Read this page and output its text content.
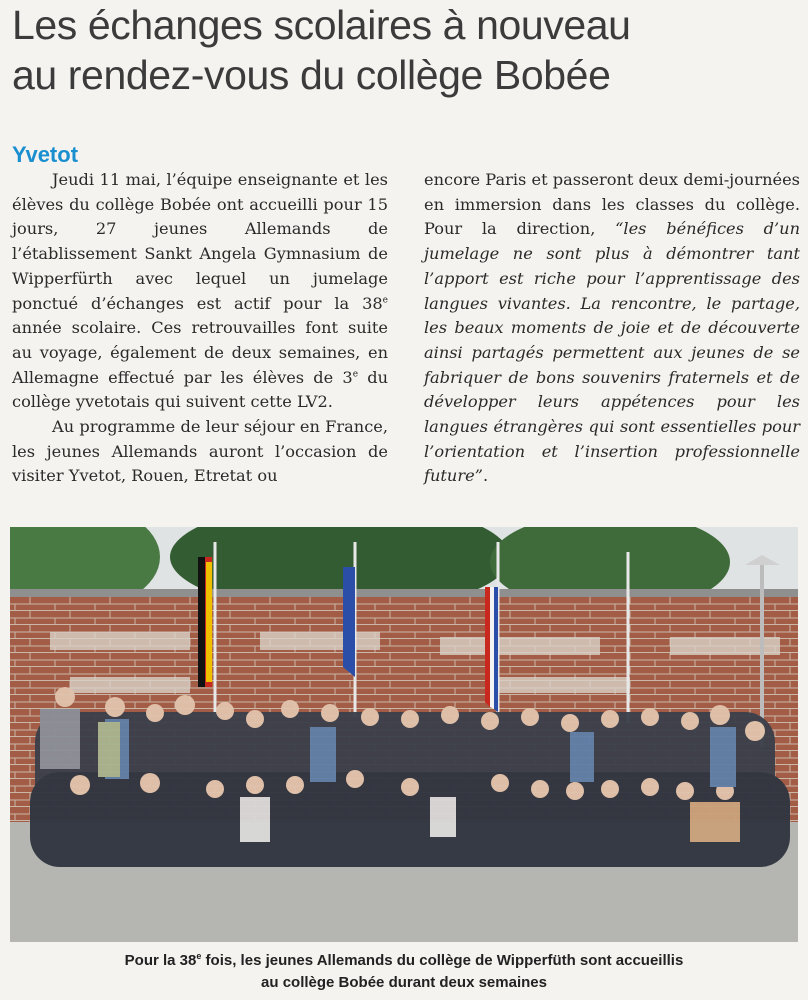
Les échanges scolaires à nouveau
au rendez-vous du collège Bobée
Yvetot

Jeudi 11 mai, l’équipe enseignante et les élèves du collège Bobée ont accueilli pour 15 jours, 27 jeunes Allemands de l’établissement Sankt Angela Gymnasium de Wipperfürth avec lequel un jumelage ponctué d’échanges est actif pour la 38e année scolaire. Ces retrouvailles font suite au voyage, également de deux semaines, en Allemagne effectué par les élèves de 3e du collège yvetotais qui suivent cette LV2.

Au programme de leur séjour en France, les jeunes Allemands auront l’occasion de visiter Yvetot, Rouen, Etretat ou

encore Paris et passeront deux demi-journées en immersion dans les classes du collège. Pour la direction, “les bénéfices d’un jumelage ne sont plus à démontrer tant l’apport est riche pour l’apprentissage des langues vivantes. La rencontre, le partage, les beaux moments de joie et de découverte ainsi partagés permettent aux jeunes de se fabriquer de bons souvenirs fraternels et de développer leurs appétences pour les langues étrangères qui sont essentielles pour l’orientation et l’insertion professionnelle future”.

Pour la 38e fois, les jeunes Allemands du collège de Wipperfüth sont accueillis
au collège Bobée durant deux semaines
